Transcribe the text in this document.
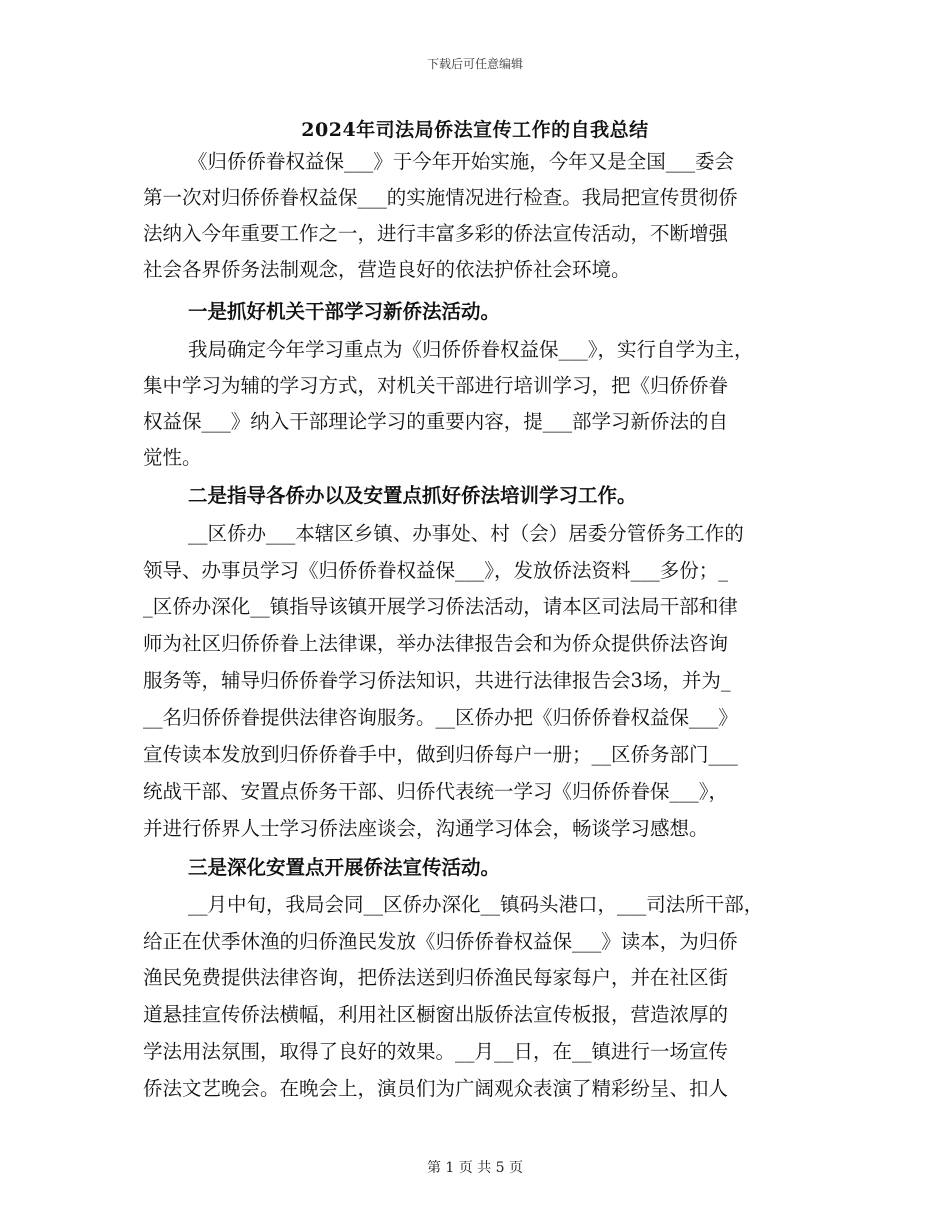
下载后可任意编辑
2024年司法局侨法宣传工作的自我总结
《归侨侨眷权益保___》于今年开始实施，今年又是全国___委会
第一次对归侨侨眷权益保___的实施情况进行检查。我局把宣传贯彻侨
法纳入今年重要工作之一，进行丰富多彩的侨法宣传活动，不断增强
社会各界侨务法制观念，营造良好的依法护侨社会环境。
一是抓好机关干部学习新侨法活动。
我局确定今年学习重点为《归侨侨眷权益保___》，实行自学为主，
集中学习为辅的学习方式，对机关干部进行培训学习，把《归侨侨眷
权益保___》纳入干部理论学习的重要内容，提___部学习新侨法的自
觉性。
二是指导各侨办以及安置点抓好侨法培训学习工作。
__区侨办___本辖区乡镇、办事处、村（会）居委分管侨务工作的
领导、办事员学习《归侨侨眷权益保___》，发放侨法资料___多份；_
_区侨办深化__镇指导该镇开展学习侨法活动，请本区司法局干部和律
师为社区归侨侨眷上法律课，举办法律报告会和为侨众提供侨法咨询
服务等，辅导归侨侨眷学习侨法知识，共进行法律报告会3场，并为_
__名归侨侨眷提供法律咨询服务。__区侨办把《归侨侨眷权益保___》
宣传读本发放到归侨侨眷手中，做到归侨每户一册；__区侨务部门___
统战干部、安置点侨务干部、归侨代表统一学习《归侨侨眷保___》，
并进行侨界人士学习侨法座谈会，沟通学习体会，畅谈学习感想。
三是深化安置点开展侨法宣传活动。
__月中旬，我局会同__区侨办深化__镇码头港口，___司法所干部，
给正在伏季休渔的归侨渔民发放《归侨侨眷权益保___》读本，为归侨
渔民免费提供法律咨询，把侨法送到归侨渔民每家每户，并在社区街
道悬挂宣传侨法横幅，利用社区橱窗出版侨法宣传板报，营造浓厚的
学法用法氛围，取得了良好的效果。__月__日，在__镇进行一场宣传
侨法文艺晚会。在晚会上，演员们为广阔观众表演了精彩纷呈、扣人
第 1 页 共 5 页
